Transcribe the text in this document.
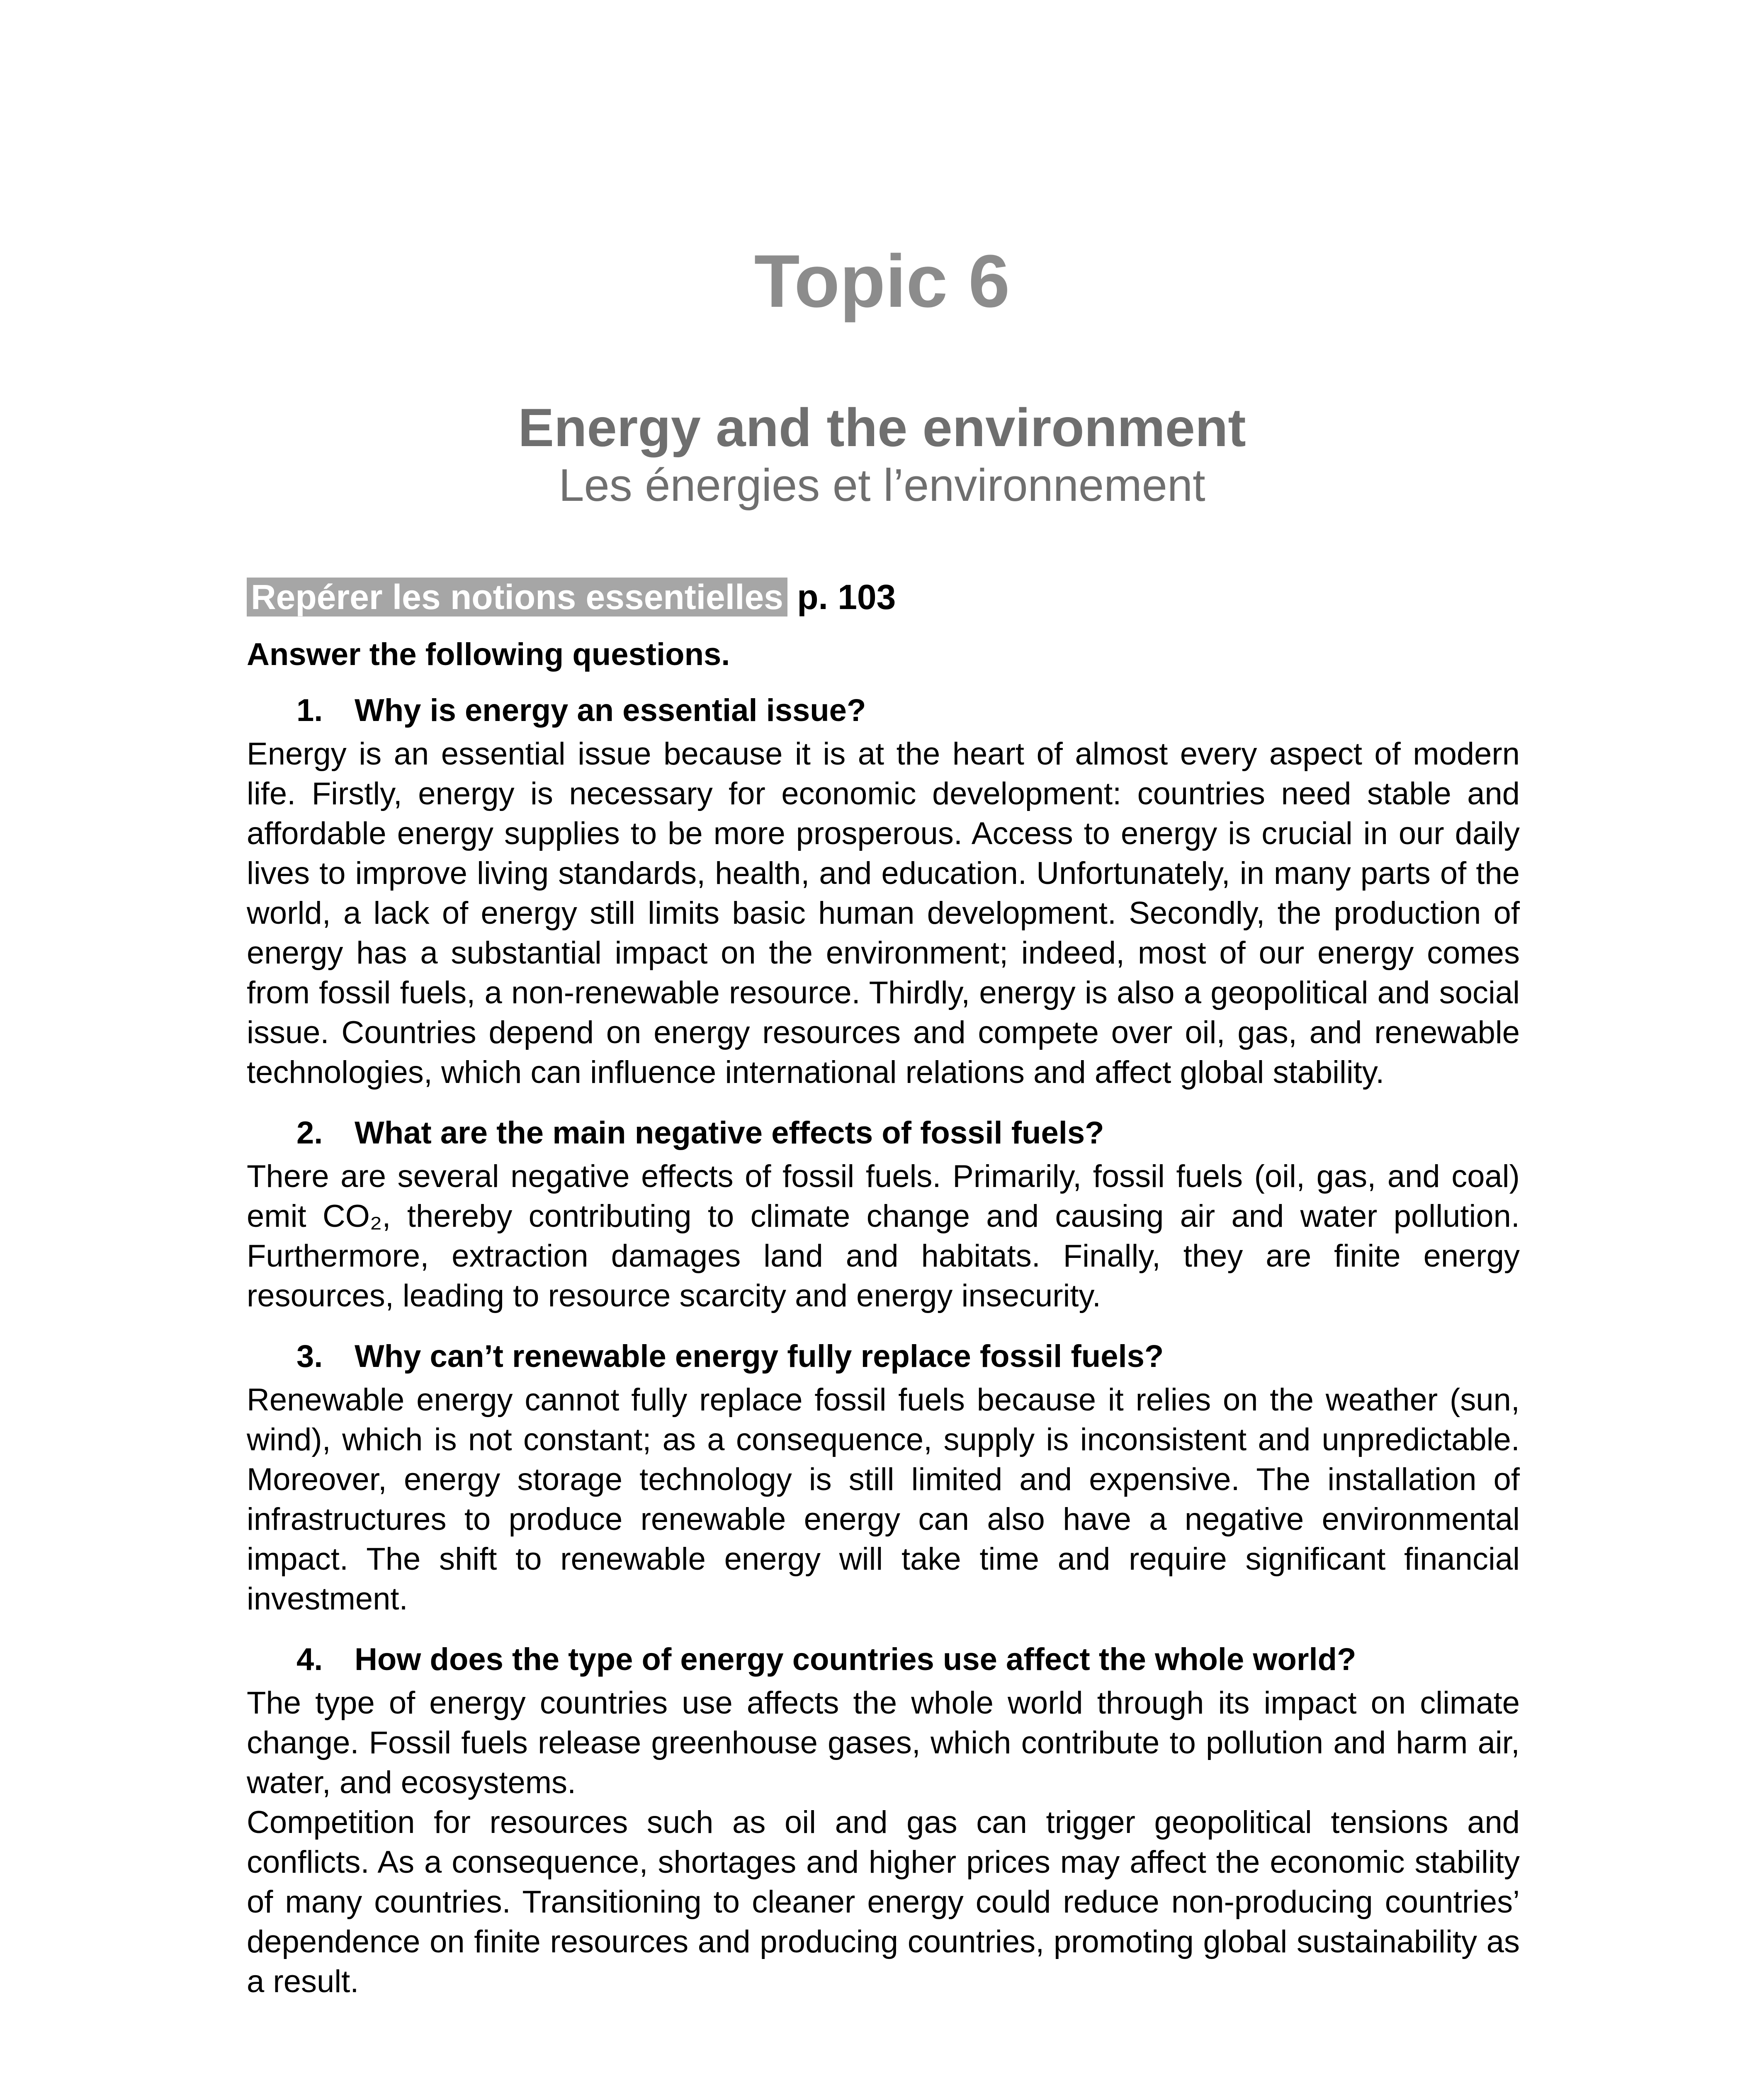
Topic 6
Energy and the environment
Les énergies et l’environnement
Repérer les notions essentielles p. 103
Answer the following questions.
1.	Why is energy an essential issue?

Energy is an essential issue because it is at the heart of almost every aspect of modern life. Firstly, energy is necessary for economic development: countries need stable and affordable energy supplies to be more prosperous. Access to energy is crucial in our daily lives to improve living standards, health, and education. Unfortunately, in many parts of the world, a lack of energy still limits basic human development. Secondly, the production of energy has a substantial impact on the environment; indeed, most of our energy comes from fossil fuels, a non-renewable resource. Thirdly, energy is also a geopolitical and social issue. Countries depend on energy resources and compete over oil, gas, and renewable technologies, which can influence international relations and affect global stability.

2.	What are the main negative effects of fossil fuels?

There are several negative effects of fossil fuels. Primarily, fossil fuels (oil, gas, and coal) emit CO₂, thereby contributing to climate change and causing air and water pollution. Furthermore, extraction damages land and habitats. Finally, they are finite energy resources, leading to resource scarcity and energy insecurity.

3.	Why can’t renewable energy fully replace fossil fuels?

Renewable energy cannot fully replace fossil fuels because it relies on the weather (sun, wind), which is not constant; as a consequence, supply is inconsistent and unpredictable. Moreover, energy storage technology is still limited and expensive. The installation of infrastructures to produce renewable energy can also have a negative environmental impact. The shift to renewable energy will take time and require significant financial investment.

4.	How does the type of energy countries use affect the whole world?

The type of energy countries use affects the whole world through its impact on climate change. Fossil fuels release greenhouse gases, which contribute to pollution and harm air, water, and ecosystems.

Competition for resources such as oil and gas can trigger geopolitical tensions and conflicts. As a consequence, shortages and higher prices may affect the economic stability of many countries. Transitioning to cleaner energy could reduce non-producing countries’ dependence on finite resources and producing countries, promoting global sustainability as a result.
